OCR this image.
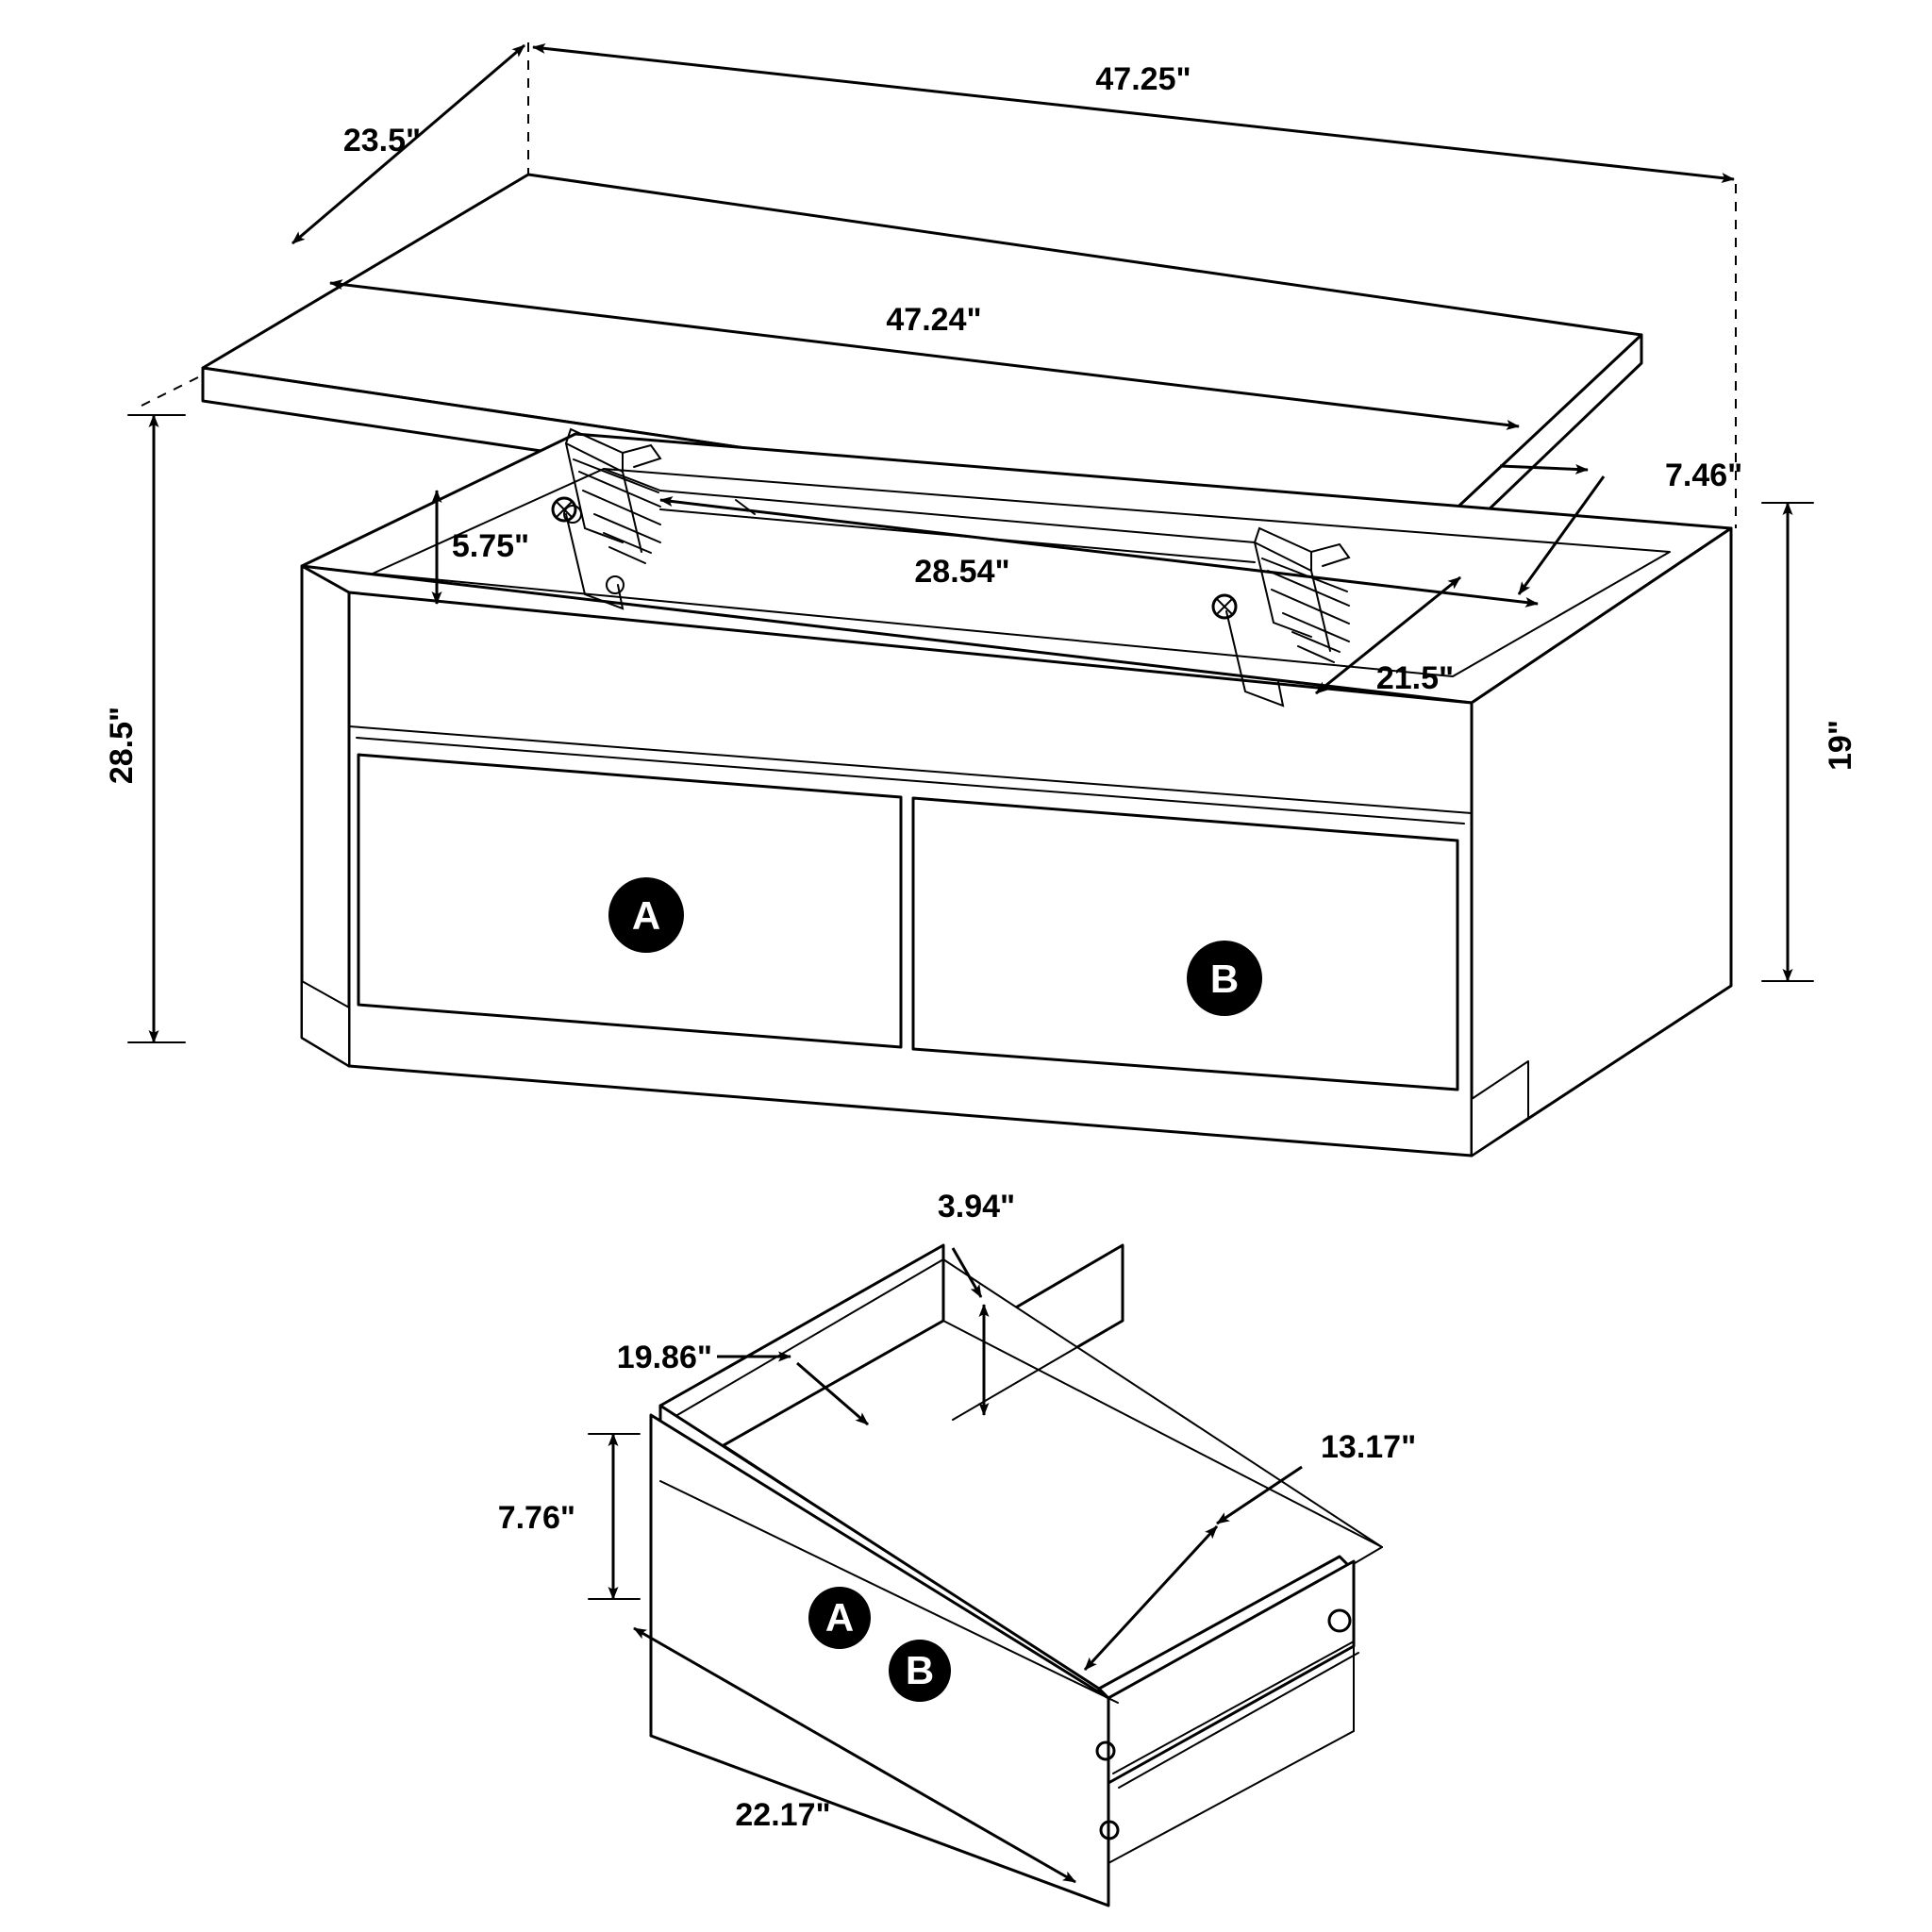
A
B
A
B
47.25"
23.5"
47.24"
28.5"
5.75"
28.54"
7.46"
21.5"
19"
3.94"
19.86"
13.17"
7.76"
22.17"
